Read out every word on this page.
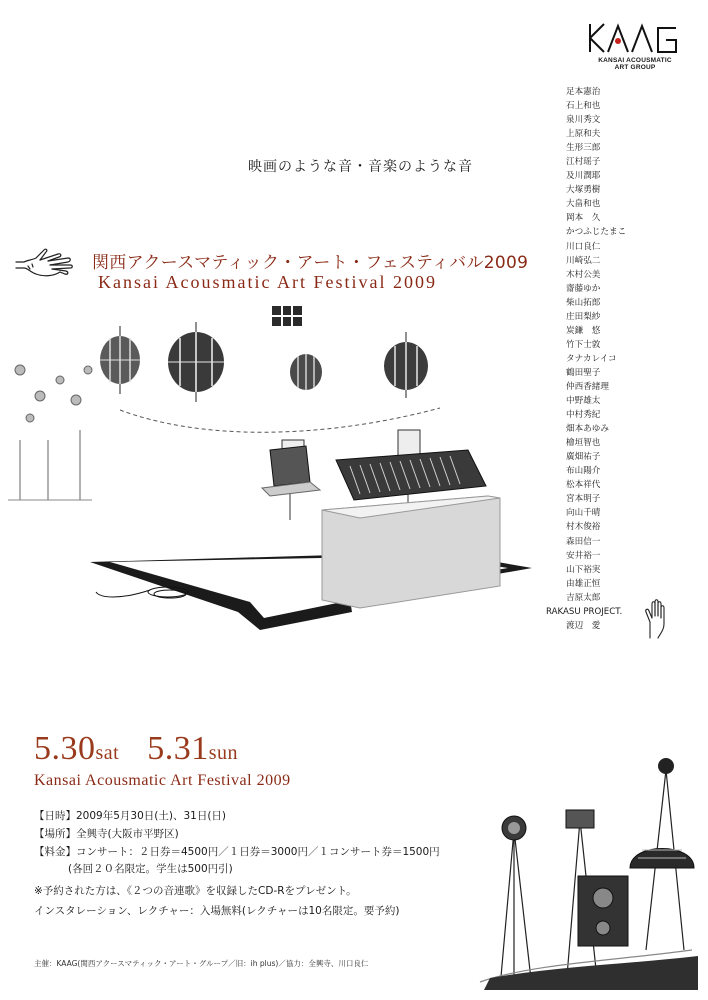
KANSAI ACOUSMATIC
ART GROUP
足本憲治
石上和也
泉川秀文
上原和夫
生形三郎
江村瑶子
及川潤耶
大塚勇樹
大畠和也
岡本　久
かつふじたまこ
川口良仁
川崎弘二
木村公美
齋藤ゆか
柴山拓郎
庄田梨紗
炭鎌　悠
竹下士敦
タナカレイコ
鶴田聖子
仲西香緒理
中野雄太
中村秀紀
畑本あゆみ
檜垣智也
廣畑祐子
布山陽介
松本祥代
宮本明子
向山千晴
村木俊裕
森田信一
安井裕一
山下裕実
由雄正恒
吉原太郎
RAKASU PROJECT.
渡辺　愛
映画のような音・音楽のような音
関西アクースマティック・アート・フェスティバル2009
Kansai Acousmatic Art Festival 2009
5.30sat 5.31sun
Kansai Acousmatic Art Festival 2009
【日時】2009年5月30日(土)、31日(日)
【場所】全興寺(大阪市平野区)
【料金】コンサート：２日券＝4500円／１日券＝3000円／１コンサート券＝1500円
(各回２０名限定。学生は500円引)
※予約された方は、《２つの音連歌》を収録したCD-Rをプレゼント。
インスタレーション、レクチャー：入場無料(レクチャーは10名限定。要予約)
主催：KAAG(関西アクースマティック・アート・グループ／旧：ih plus)／協力：全興寺、川口良仁
